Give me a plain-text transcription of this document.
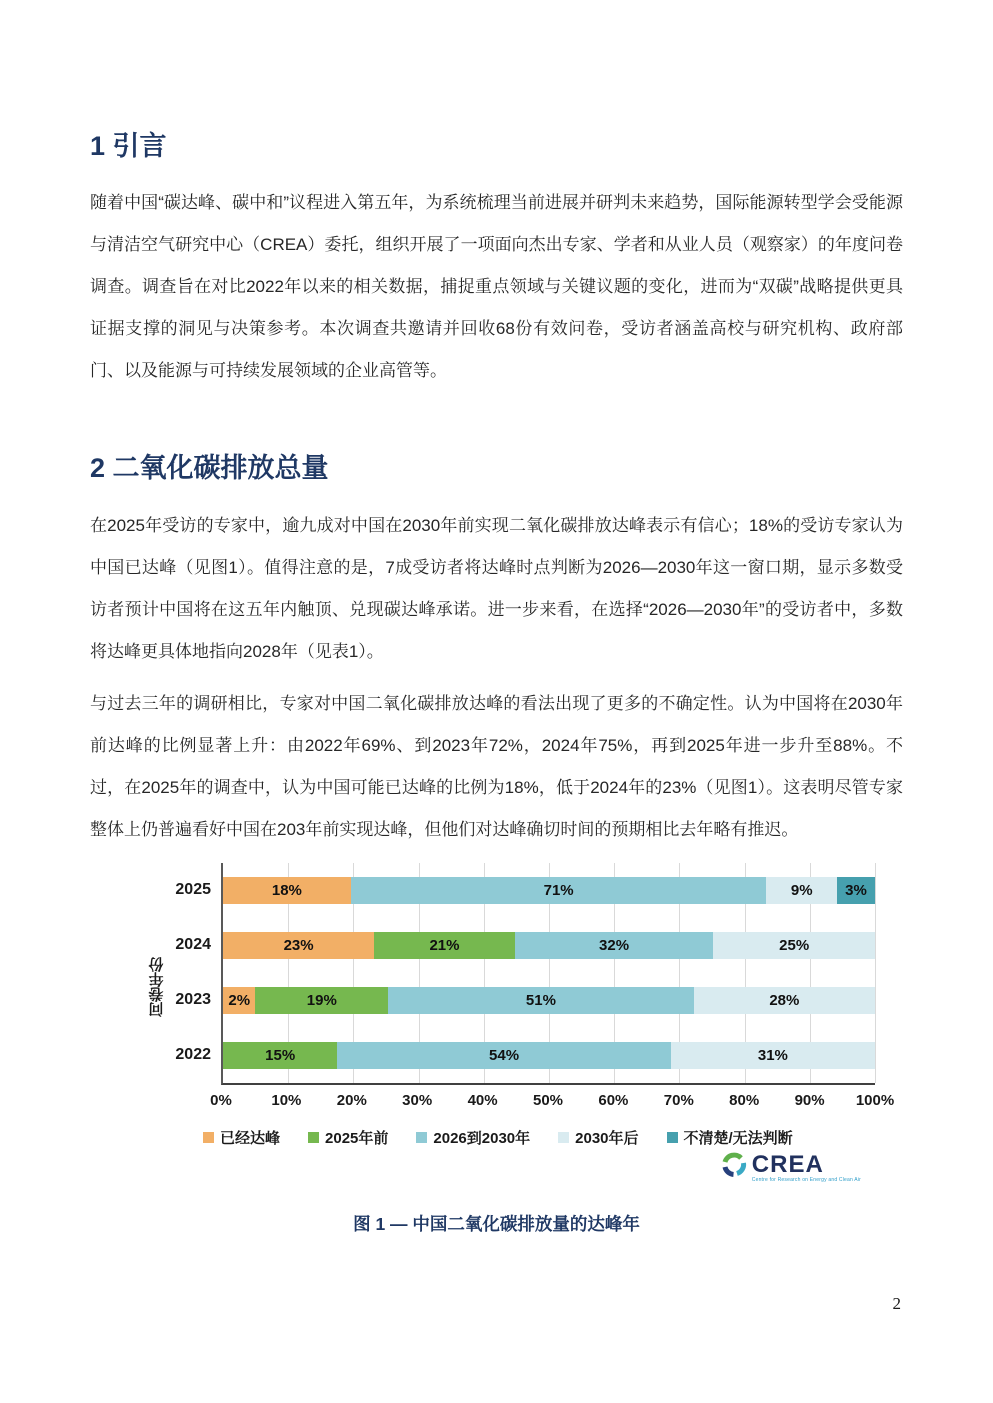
1 引言

随着中国“碳达峰、碳中和”议程进入第五年，为系统梳理当前进展并研判未来趋势，国际能源转型学会受能源与清洁空气研究中心（CREA）委托，组织开展了一项面向杰出专家、学者和从业人员（观察家）的年度问卷调查。调查旨在对比2022年以来的相关数据，捕捉重点领域与关键议题的变化，进而为“双碳”战略提供更具证据支撑的洞见与决策参考。本次调查共邀请并回收68份有效问卷，受访者涵盖高校与研究机构、政府部门、以及能源与可持续发展领域的企业高管等。

2 二氧化碳排放总量

在2025年受访的专家中，逾九成对中国在2030年前实现二氧化碳排放达峰表示有信心；18%的受访专家认为中国已达峰（见图1）。值得注意的是，7成受访者将达峰时点判断为2026—2030年这一窗口期，显示多数受访者预计中国将在这五年内触顶、兑现碳达峰承诺。进一步来看，在选择“2026—2030年”的受访者中，多数将达峰更具体地指向2028年（见表1）。

与过去三年的调研相比，专家对中国二氧化碳排放达峰的看法出现了更多的不确定性。认为中国将在2030年前达峰的比例显著上升：由2022年69%、到2023年72%，2024年75%，再到2025年进一步升至88%。不过，在2025年的调查中，认为中国可能已达峰的比例为18%，低于2024年的23%（见图1）。这表明尽管专家整体上仍普遍看好中国在203年前实现达峰，但他们对达峰确切时间的预期相比去年略有推迟。

问卷年份
2025
2024
2023
2022
18%	71%	9% 3%
23%	21%	32%	25%
2%	19%	51%	28%
15%	54%	31%
0%	10% 20% 30% 40% 50% 60% 70% 80% 90% 100%
已经达峰	2025年前	2026到2030年	2030年后	不清楚/无法判断
CREA
Centre for Research on Energy and Clean Air
图 1 — 中国二氧化碳排放量的达峰年
2
